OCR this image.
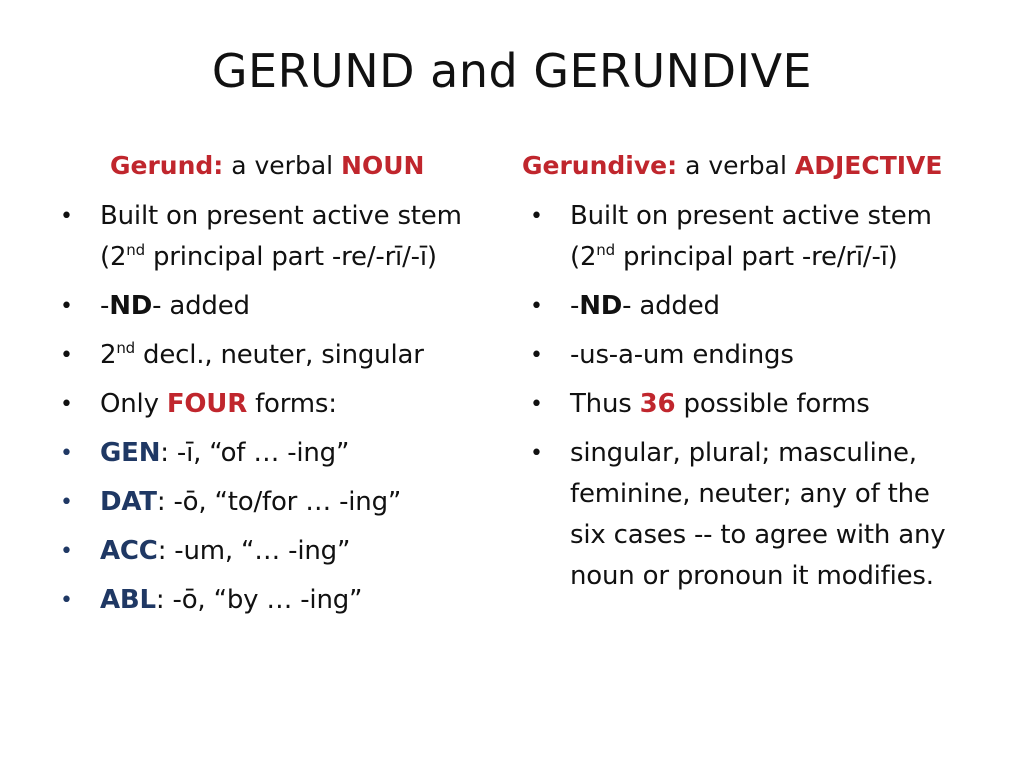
GERUND and GERUNDIVE
Gerund: a verbal NOUN
• Built on present active stem (2nd principal part -re/-rī/-ī)
• -ND- added
• 2nd decl., neuter, singular
• Only FOUR forms:
• GEN: -ī, “of … -ing”
• DAT: -ō, “to/for … -ing”
• ACC: -um, “… -ing”
• ABL: -ō, “by … -ing”
Gerundive: a verbal ADJECTIVE
• Built on present active stem (2nd principal part -re/rī/-ī)
• -ND- added
• -us-a-um endings
• Thus 36 possible forms
• singular, plural; masculine, feminine, neuter; any of the six cases -- to agree with any noun or pronoun it modifies.
